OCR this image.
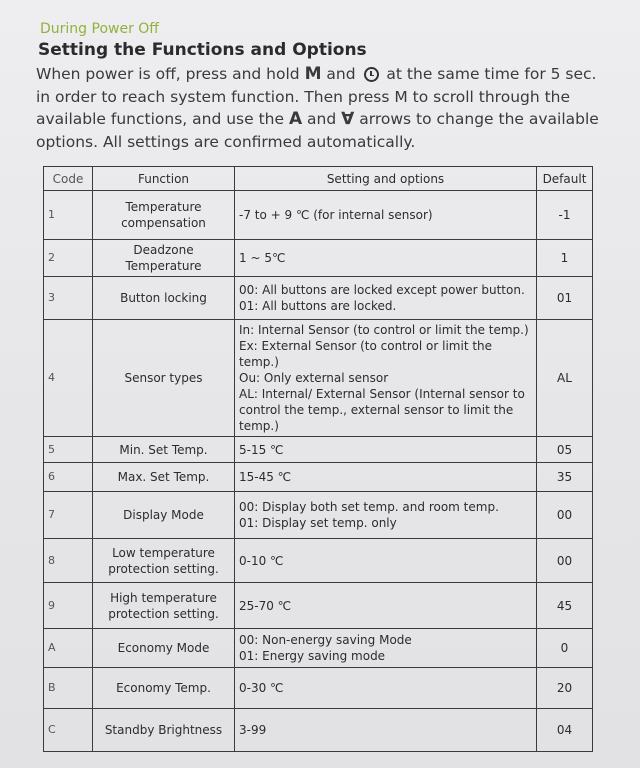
During Power Off
Setting the Functions and Options
When power is off, press and hold M and  at the same time for 5 sec. in order to reach system function. Then press M to scroll through the available functions, and use the A and ∀ arrows to change the available options. All settings are confirmed automatically.
Code	Function	Setting and options	Default
1	Temperature compensation	-7 to + 9 ℃ (for internal sensor)	-1
2	Deadzone Temperature	1 ~ 5℃	1
3	Button locking	00: All buttons are locked except power button.
01: All buttons are locked.	01
4	Sensor types	In: Internal Sensor (to control or limit the temp.)
Ex: External Sensor (to control or limit the temp.)
Ou: Only external sensor
AL: Internal/ External Sensor (Internal sensor to control the temp., external sensor to limit the temp.)	AL
5	Min. Set Temp.	5-15 ℃	05
6	Max. Set Temp.	15-45 ℃	35
7	Display Mode	00: Display both set temp. and room temp.
01: Display set temp. only	00
8	Low temperature protection setting.	0-10 ℃	00
9	High temperature protection setting.	25-70 ℃	45
A	Economy Mode	00: Non-energy saving Mode
01: Energy saving mode	0
B	Economy Temp.	0-30 ℃	20
C	Standby Brightness	3-99	04
